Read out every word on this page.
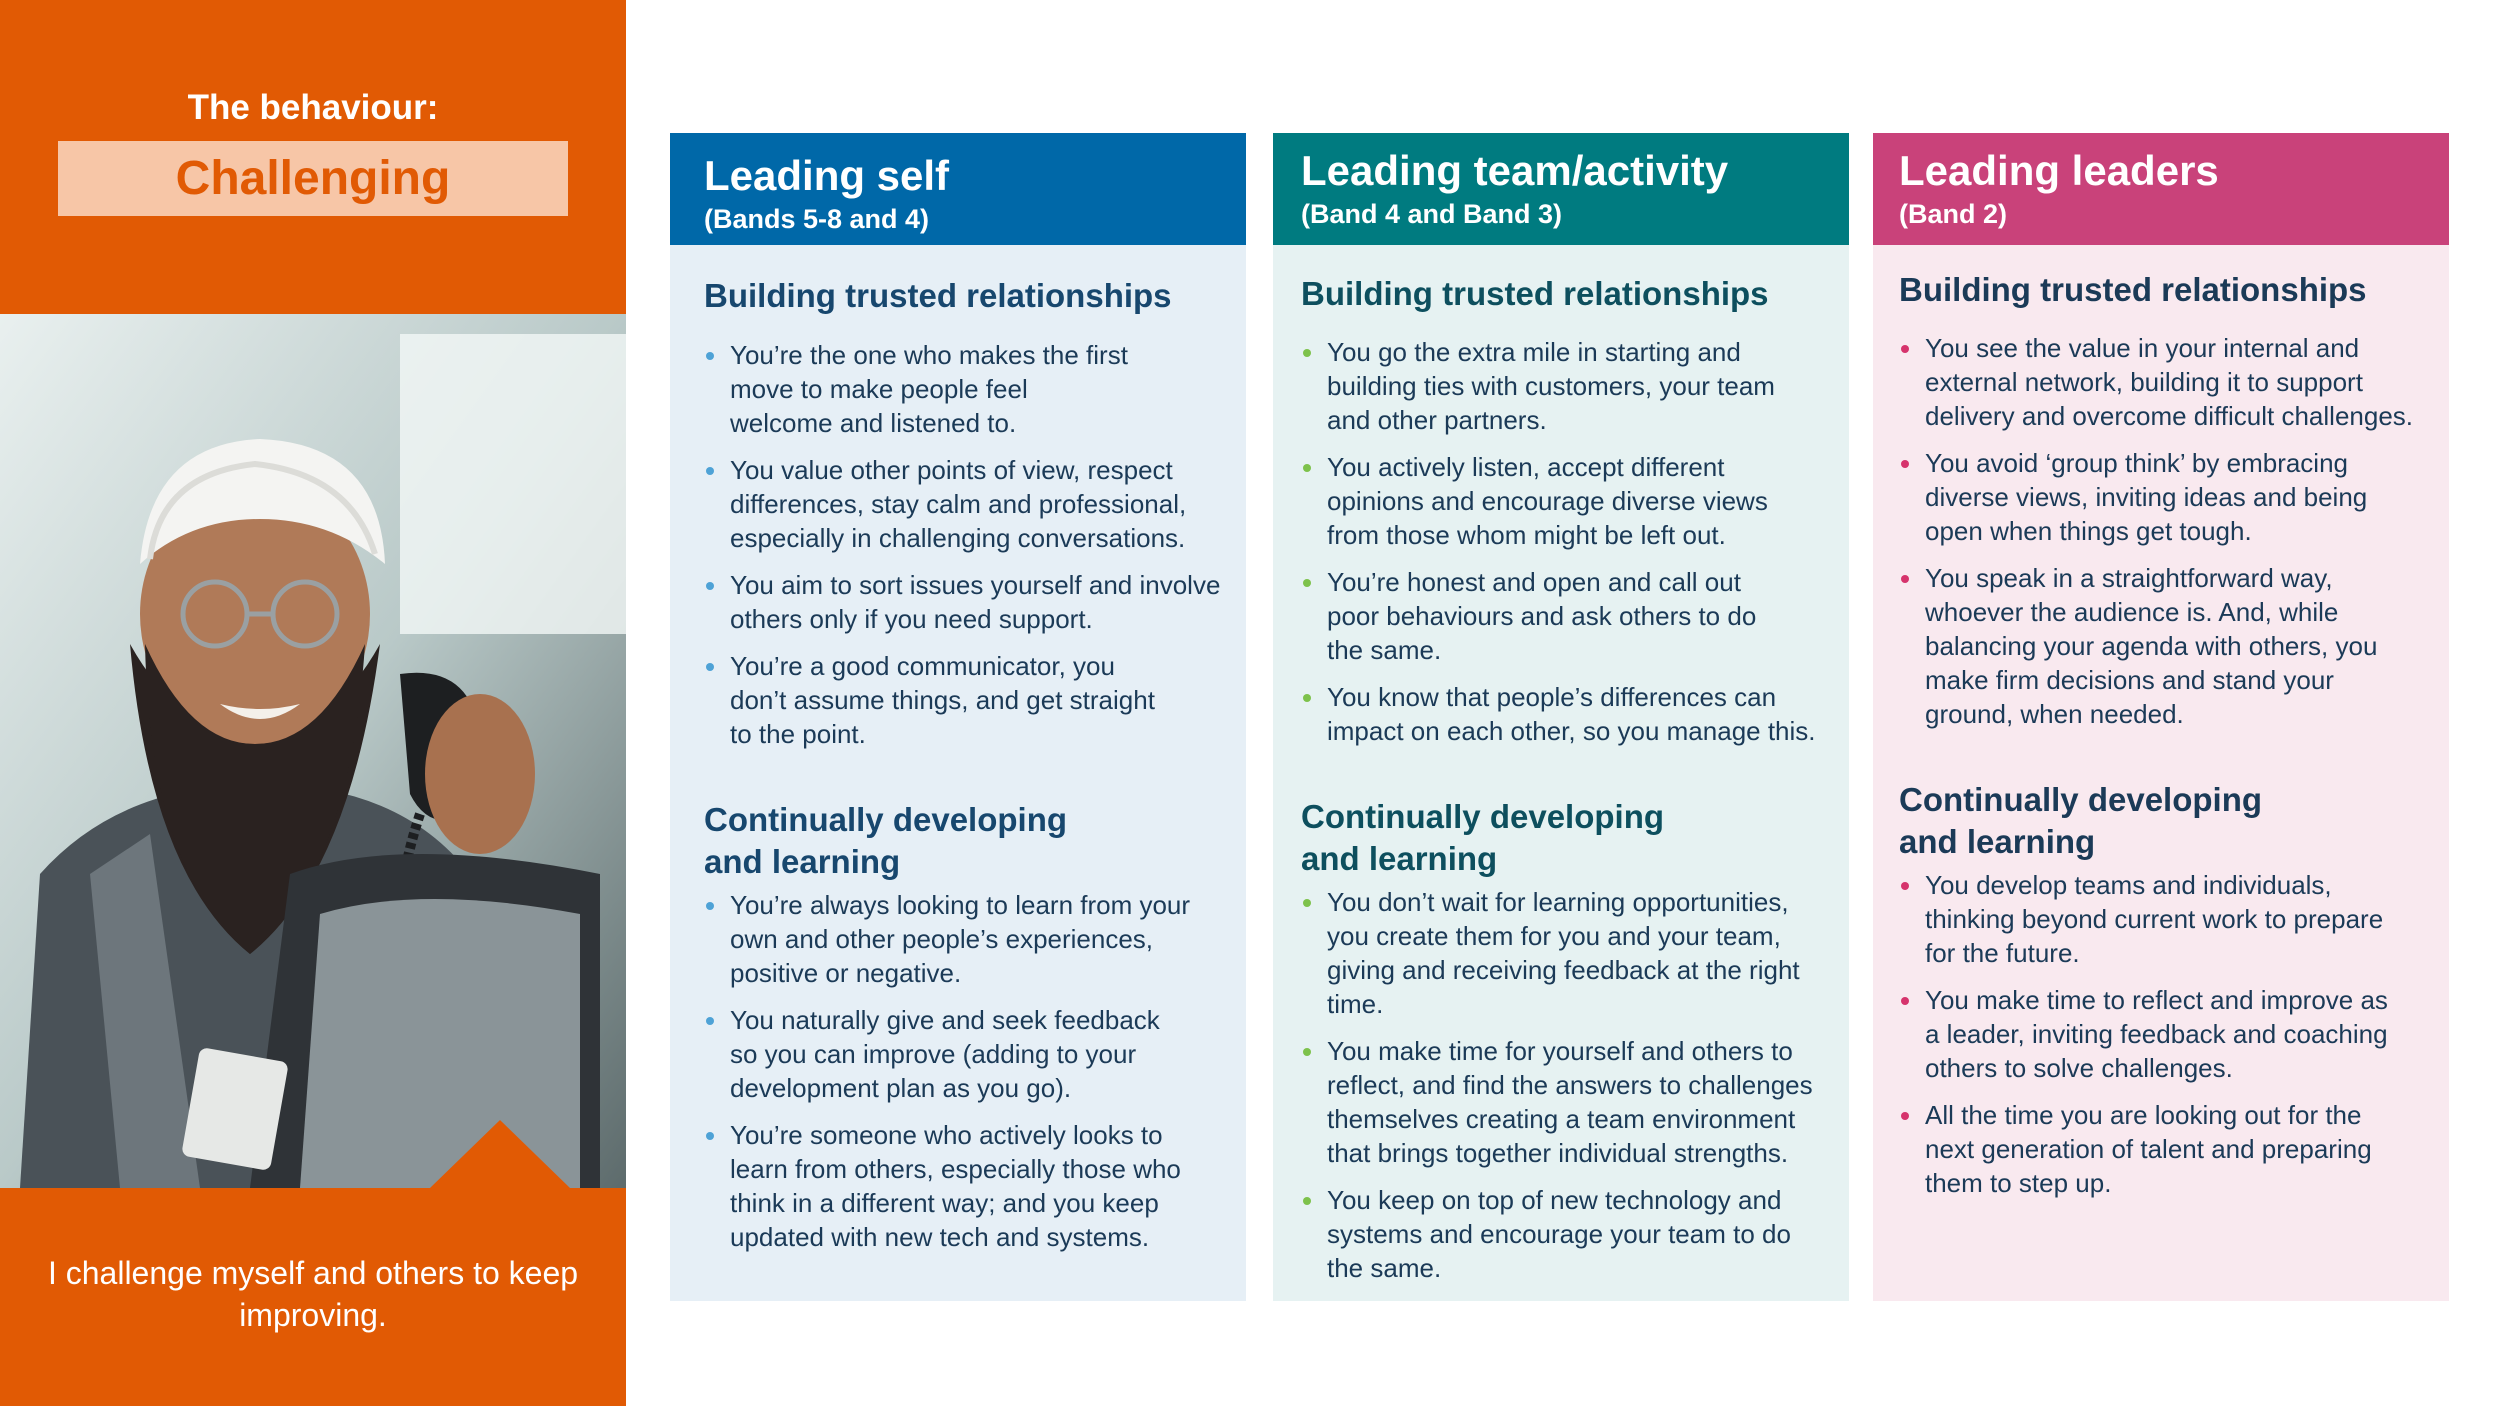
The behaviour:
Challenging
I challenge myself and others to keep improving.
Leading self
(Bands 5-8 and 4)
Building trusted relationships
You’re the one who makes the first move to make people feel welcome and listened to.
You value other points of view, respect differences, stay calm and professional, especially in challenging conversations.
You aim to sort issues yourself and involve others only if you need support.
You’re a good communicator, you don’t assume things, and get straight to the point.
Continually developing and learning
You’re always looking to learn from your own and other people’s experiences, positive or negative.
You naturally give and seek feedback so you can improve (adding to your development plan as you go).
You’re someone who actively looks to learn from others, especially those who think in a different way; and you keep updated with new tech and systems.
Leading team/activity
(Band 4 and Band 3)
Building trusted relationships
You go the extra mile in starting and building ties with customers, your team and other partners.
You actively listen, accept different opinions and encourage diverse views from those whom might be left out.
You’re honest and open and call out poor behaviours and ask others to do the same.
You know that people’s differences can impact on each other, so you manage this.
Continually developing and learning
You don’t wait for learning opportunities, you create them for you and your team, giving and receiving feedback at the right time.
You make time for yourself and others to reflect, and find the answers to challenges themselves creating a team environment that brings together individual strengths.
You keep on top of new technology and systems and encourage your team to do the same.
Leading leaders
(Band 2)
Building trusted relationships
You see the value in your internal and external network, building it to support delivery and overcome difficult challenges.
You avoid ‘group think’ by embracing diverse views, inviting ideas and being open when things get tough.
You speak in a straightforward way, whoever the audience is. And, while balancing your agenda with others, you make firm decisions and stand your ground, when needed.
Continually developing and learning
You develop teams and individuals, thinking beyond current work to prepare for the future.
You make time to reflect and improve as a leader, inviting feedback and coaching others to solve challenges.
All the time you are looking out for the next generation of talent and preparing them to step up.
